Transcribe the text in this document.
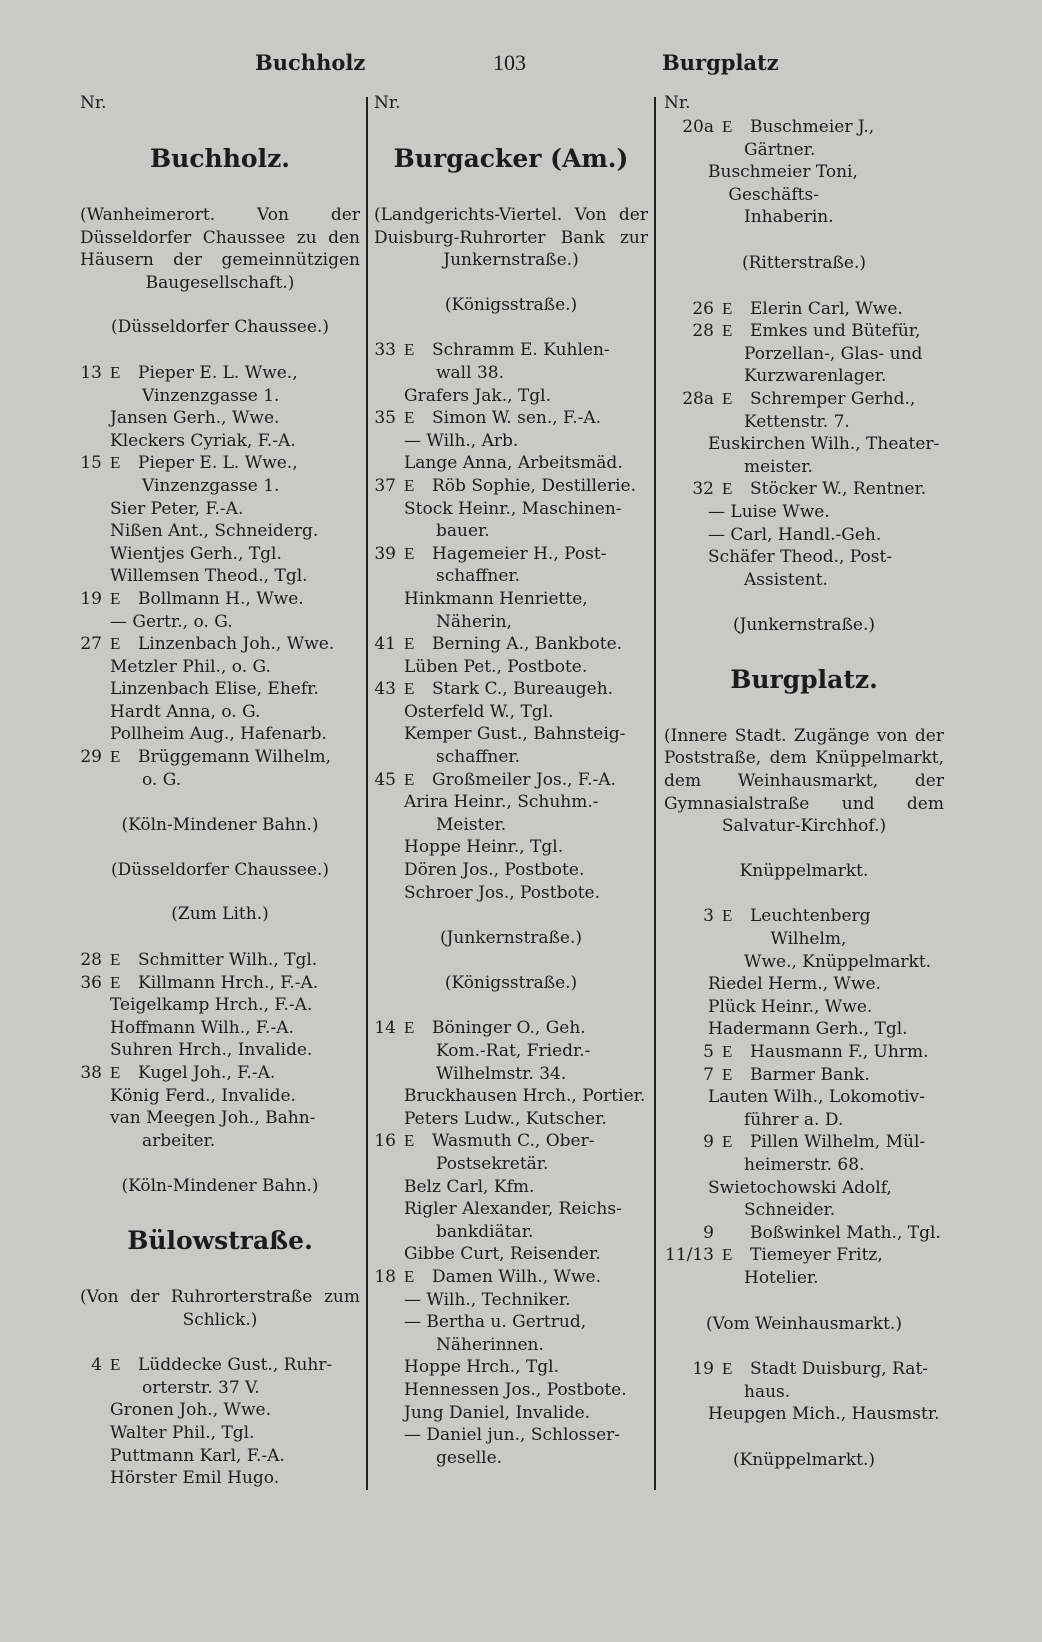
Buchholz	103	Burgplatz
Nr.
Buchholz.
(Wanheimerort. Von der Düsseldorfer Chaussee zu den Häusern der gemeinnützigen Baugesellschaft.)
(Düsseldorfer Chaussee.)
13 E	Pieper E. L. Wwe.,
Vinzenzgasse 1.
Jansen Gerh., Wwe.
Kleckers Cyriak, F.-A.
15 E	Pieper E. L. Wwe.,
Vinzenzgasse 1.
Sier Peter, F.-A.
Nißen Ant., Schneiderg.
Wientjes Gerh., Tgl.
Willemsen Theod., Tgl.
19 E	Bollmann H., Wwe.
— Gertr., o. G.
27 E	Linzenbach Joh., Wwe.
Metzler Phil., o. G.
Linzenbach Elise, Ehefr.
Hardt Anna, o. G.
Pollheim Aug., Hafenarb.
29 E	Brüggemann Wilhelm,
o. G.
(Köln-Mindener Bahn.)
(Düsseldorfer Chaussee.)
(Zum Lith.)
28 E	Schmitter Wilh., Tgl.
36 E	Killmann Hrch., F.-A.
Teigelkamp Hrch., F.-A.
Hoffmann Wilh., F.-A.
Suhren Hrch., Invalide.
38 E	Kugel Joh., F.-A.
König Ferd., Invalide.
van Meegen Joh., Bahn-
arbeiter.
(Köln-Mindener Bahn.)
Bülowstraße.
(Von der Ruhrorterstraße zum Schlick.)
4 E	Lüddecke Gust., Ruhr-
orterstr. 37 V.
Gronen Joh., Wwe.
Walter Phil., Tgl.
Puttmann Karl, F.-A.
Hörster Emil Hugo.
Nr.
Burgacker (Am.)
(Landgerichts-Viertel. Von der Duisburg-Ruhrorter Bank zur Junkernstraße.)
(Königsstraße.)
33 E	Schramm E. Kuhlen-
wall 38.
Grafers Jak., Tgl.
35 E	Simon W. sen., F.-A.
— Wilh., Arb.
Lange Anna, Arbeitsmäd.
37 E	Röb Sophie, Destillerie.
Stock Heinr., Maschinen-
bauer.
39 E	Hagemeier H., Post-
schaffner.
Hinkmann Henriette,
Näherin,
41 E	Berning A., Bankbote.
Lüben Pet., Postbote.
43 E	Stark C., Bureaugeh.
Osterfeld W., Tgl.
Kemper Gust., Bahnsteig-
schaffner.
45 E	Großmeiler Jos., F.-A.
Arira Heinr., Schuhm.-
Meister.
Hoppe Heinr., Tgl.
Dören Jos., Postbote.
Schroer Jos., Postbote.
(Junkernstraße.)
(Königsstraße.)
14 E	Böninger O., Geh.
Kom.-Rat, Friedr.-
Wilhelmstr. 34.
Bruckhausen Hrch., Portier.
Peters Ludw., Kutscher.
16 E	Wasmuth C., Ober-
Postsekretär.
Belz Carl, Kfm.
Rigler Alexander, Reichs-
bankdiätar.
Gibbe Curt, Reisender.
18 E	Damen Wilh., Wwe.
— Wilh., Techniker.
— Bertha u. Gertrud,
Näherinnen.
Hoppe Hrch., Tgl.
Hennessen Jos., Postbote.
Jung Daniel, Invalide.
— Daniel jun., Schlosser-
geselle.
Nr.
20a E	Buschmeier J.,
Gärtner.
Buschmeier Toni, Geschäfts-
Inhaberin.
(Ritterstraße.)
26 E	Elerin Carl, Wwe.
28 E	Emkes und Bütefür,
Porzellan-, Glas- und
Kurzwarenlager.
28a E	Schremper Gerhd.,
Kettenstr. 7.
Euskirchen Wilh., Theater-
meister.
32 E	Stöcker W., Rentner.
— Luise Wwe.
— Carl, Handl.-Geh.
Schäfer Theod., Post-
Assistent.
(Junkernstraße.)
Burgplatz.
(Innere Stadt. Zugänge von der Poststraße, dem Knüppelmarkt, dem Weinhausmarkt, der Gymnasialstraße und dem Salvatur-Kirchhof.)
Knüppelmarkt.
3 E	Leuchtenberg Wilhelm,
Wwe., Knüppelmarkt.
Riedel Herm., Wwe.
Plück Heinr., Wwe.
Hadermann Gerh., Tgl.
5 E	Hausmann F., Uhrm.
7 E	Barmer Bank.
Lauten Wilh., Lokomotiv-
führer a. D.
9 E	Pillen Wilhelm, Mül-
heimerstr. 68.
Swietochowski Adolf,
Schneider.
9 Boßwinkel Math., Tgl.
11/13 E	Tiemeyer Fritz,
Hotelier.
(Vom Weinhausmarkt.)
19 E	Stadt Duisburg, Rat-
haus.
Heupgen Mich., Hausmstr.
(Knüppelmarkt.)
